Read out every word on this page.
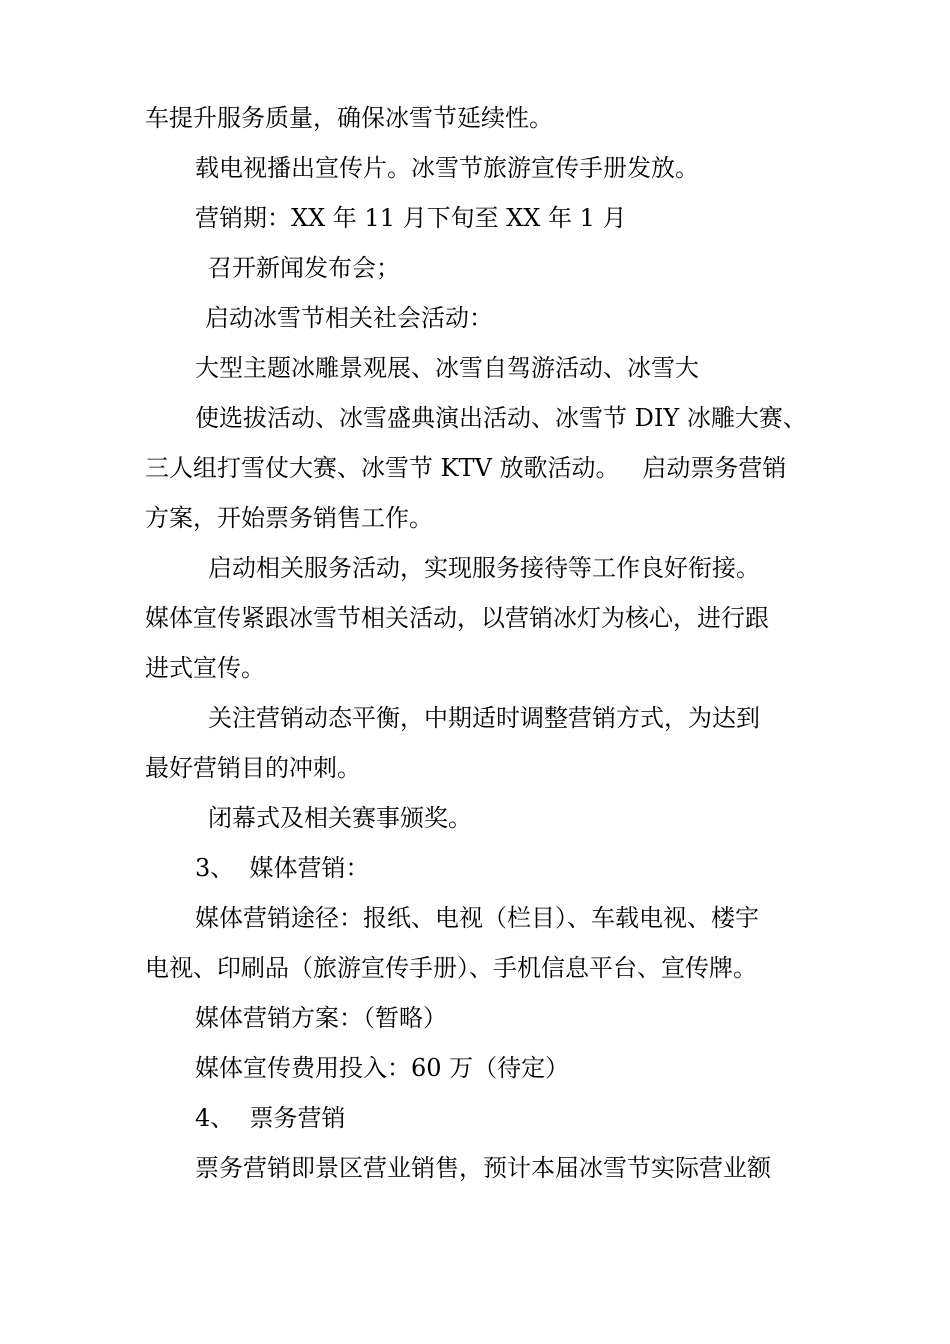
车提升服务质量，确保冰雪节延续性。
载电视播出宣传片。冰雪节旅游宣传手册发放。
营销期：XX 年 11 月下旬至 XX 年 1 月
召开新闻发布会；
启动冰雪节相关社会活动：
大型主题冰雕景观展、冰雪自驾游活动、冰雪大
使选拔活动、冰雪盛典演出活动、冰雪节 DIY 冰雕大赛、
三人组打雪仗大赛、冰雪节 KTV 放歌活动。   启动票务营销
方案，开始票务销售工作。
启动相关服务活动，实现服务接待等工作良好衔接。
媒体宣传紧跟冰雪节相关活动，以营销冰灯为核心，进行跟
进式宣传。
关注营销动态平衡，中期适时调整营销方式，为达到
最好营销目的冲刺。
闭幕式及相关赛事颁奖。
3、  媒体营销：
媒体营销途径：报纸、电视（栏目）、车载电视、楼宇
电视、印刷品（旅游宣传手册）、手机信息平台、宣传牌。
媒体营销方案：（暂略）
媒体宣传费用投入：60 万（待定）
4、  票务营销
票务营销即景区营业销售，预计本届冰雪节实际营业额
